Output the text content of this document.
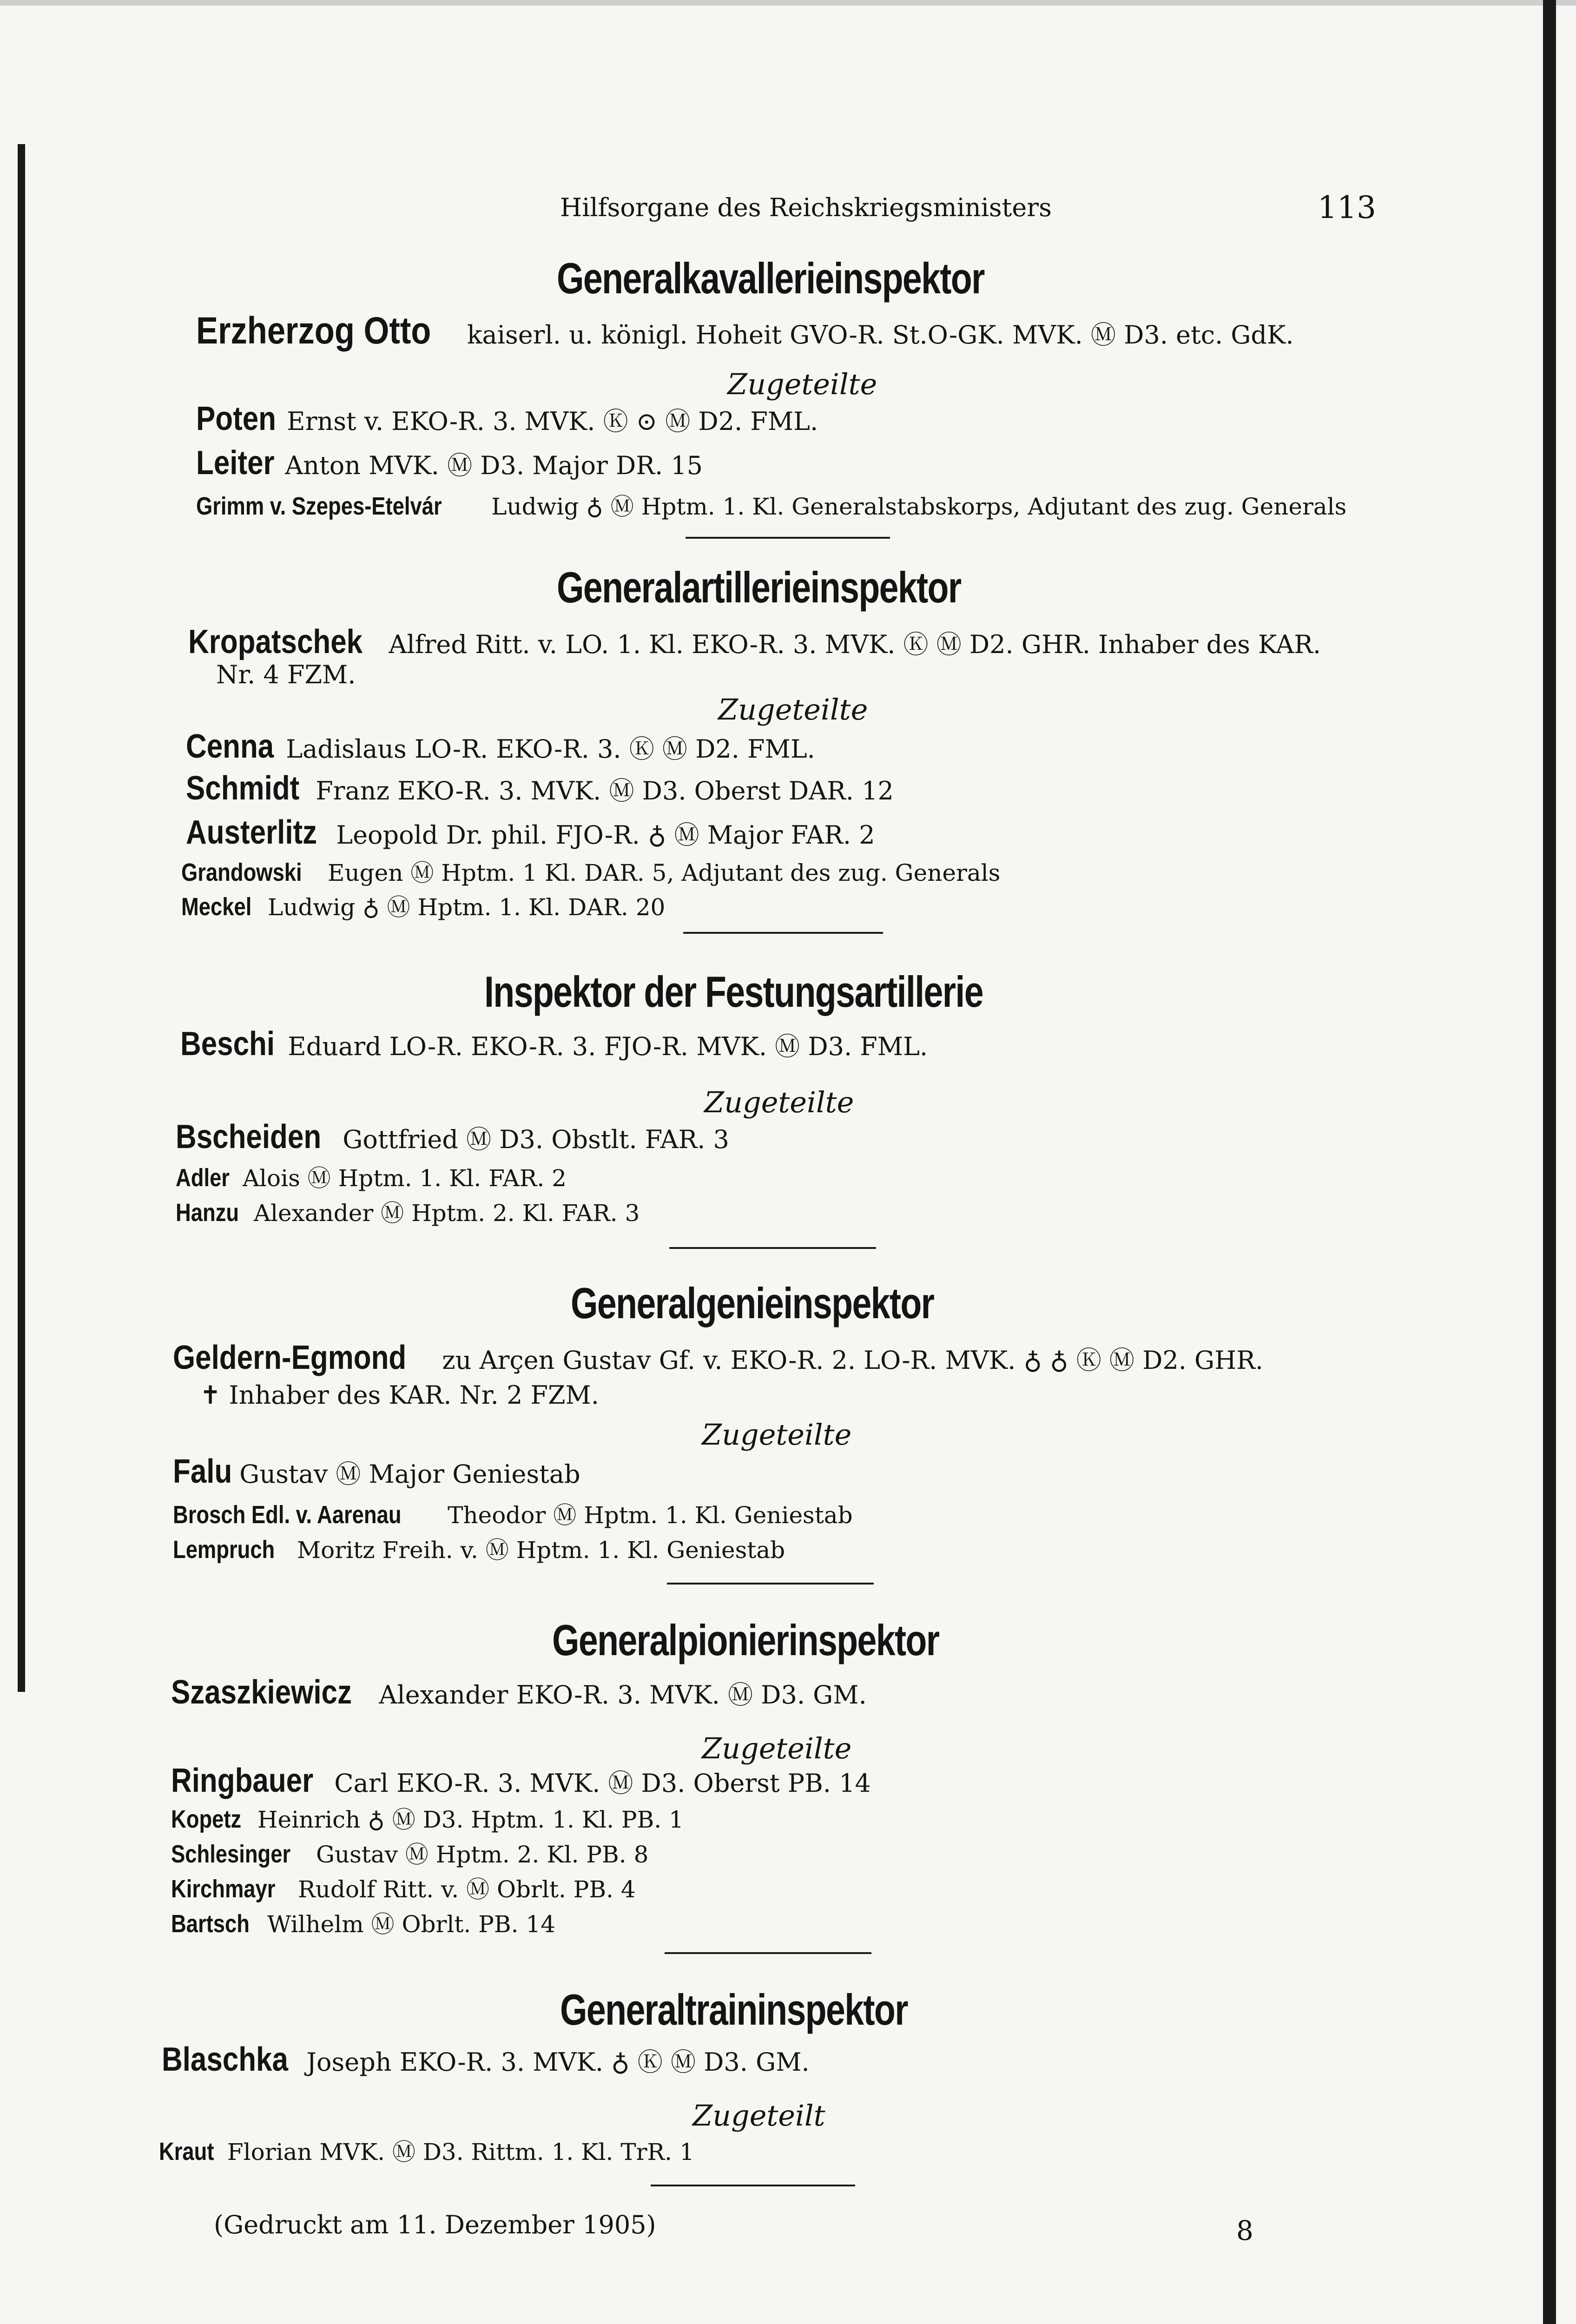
Hilfsorgane des Reichskriegsministers	113
Generalkavallerieinspektor
Erzherzog Otto kaiserl. u. königl. Hoheit GVO-R. St.O-GK. MVK. Ⓜ D3. etc. GdK.
Zugeteilte
Poten Ernst v. EKO-R. 3. MVK. Ⓚ ⊙ Ⓜ D2. FML.
Leiter Anton MVK. Ⓜ D3. Major DR. 15
Grimm v. Szepes-Etelvár Ludwig ♁ Ⓜ Hptm. 1. Kl. Generalstabskorps, Adjutant des zug. Generals
Generalartillerieinspektor
Kropatschek Alfred Ritt. v. LO. 1. Kl. EKO-R. 3. MVK. Ⓚ Ⓜ D2. GHR. Inhaber des KAR.
Nr. 4 FZM.
Zugeteilte
Cenna Ladislaus LO-R. EKO-R. 3. Ⓚ Ⓜ D2. FML.
Schmidt Franz EKO-R. 3. MVK. Ⓜ D3. Oberst DAR. 12
Austerlitz Leopold Dr. phil. FJO-R. ♁ Ⓜ Major FAR. 2
Grandowski Eugen Ⓜ Hptm. 1 Kl. DAR. 5, Adjutant des zug. Generals
Meckel Ludwig ♁ Ⓜ Hptm. 1. Kl. DAR. 20
Inspektor der Festungsartillerie
Beschi Eduard LO-R. EKO-R. 3. FJO-R. MVK. Ⓜ D3. FML.
Zugeteilte
Bscheiden Gottfried Ⓜ D3. Obstlt. FAR. 3
Adler Alois Ⓜ Hptm. 1. Kl. FAR. 2
Hanzu Alexander Ⓜ Hptm. 2. Kl. FAR. 3
Generalgenieinspektor
Geldern-Egmond zu Arçen Gustav Gf. v. EKO-R. 2. LO-R. MVK. ♁ ♁ Ⓚ Ⓜ D2. GHR.
✝ Inhaber des KAR. Nr. 2 FZM.
Zugeteilte
Falu Gustav Ⓜ Major Geniestab
Brosch Edl. v. Aarenau Theodor Ⓜ Hptm. 1. Kl. Geniestab
Lempruch Moritz Freih. v. Ⓜ Hptm. 1. Kl. Geniestab
Generalpionierinspektor
Szaszkiewicz Alexander EKO-R. 3. MVK. Ⓜ D3. GM.
Zugeteilte
Ringbauer Carl EKO-R. 3. MVK. Ⓜ D3. Oberst PB. 14
Kopetz Heinrich ♁ Ⓜ D3. Hptm. 1. Kl. PB. 1
Schlesinger Gustav Ⓜ Hptm. 2. Kl. PB. 8
Kirchmayr Rudolf Ritt. v. Ⓜ Obrlt. PB. 4
Bartsch Wilhelm Ⓜ Obrlt. PB. 14
Generaltraininspektor
Blaschka Joseph EKO-R. 3. MVK. ♁ Ⓚ Ⓜ D3. GM.
Zugeteilt
Kraut Florian MVK. Ⓜ D3. Rittm. 1. Kl. TrR. 1
(Gedruckt am 11. Dezember 1905)	8
